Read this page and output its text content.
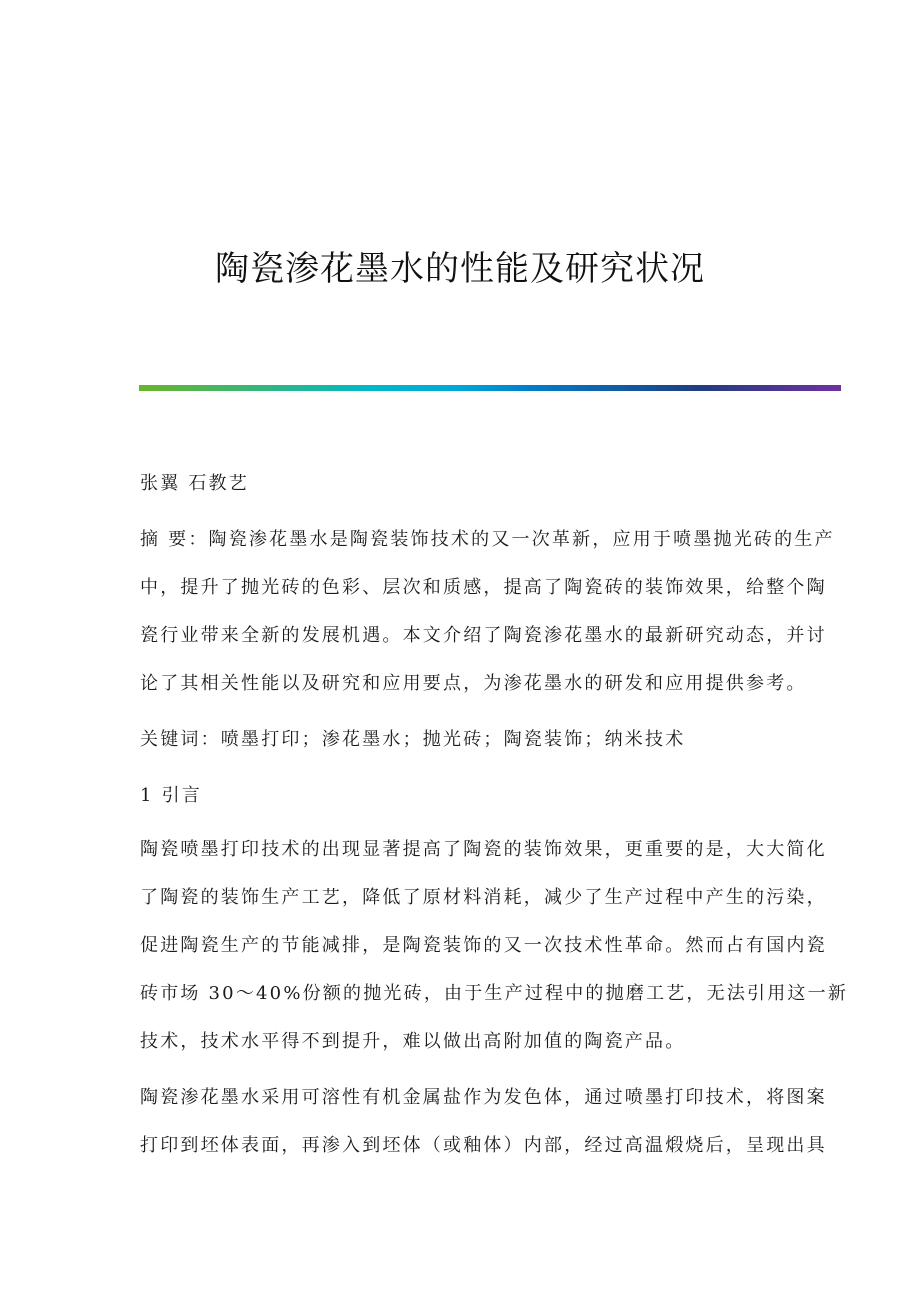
陶瓷渗花墨水的性能及研究状况
张翼 石教艺
摘 要：陶瓷渗花墨水是陶瓷装饰技术的又一次革新，应用于喷墨抛光砖的生产
中，提升了抛光砖的色彩、层次和质感，提高了陶瓷砖的装饰效果，给整个陶
瓷行业带来全新的发展机遇。本文介绍了陶瓷渗花墨水的最新研究动态，并讨
论了其相关性能以及研究和应用要点，为渗花墨水的研发和应用提供参考。
关键词：喷墨打印；渗花墨水；抛光砖；陶瓷装饰；纳米技术
1 引言
陶瓷喷墨打印技术的出现显著提高了陶瓷的装饰效果，更重要的是，大大简化
了陶瓷的装饰生产工艺，降低了原材料消耗，减少了生产过程中产生的污染，
促进陶瓷生产的节能减排，是陶瓷装饰的又一次技术性革命。然而占有国内瓷
砖市场 30～40%份额的抛光砖，由于生产过程中的抛磨工艺，无法引用这一新
技术，技术水平得不到提升，难以做出高附加值的陶瓷产品。
陶瓷渗花墨水采用可溶性有机金属盐作为发色体，通过喷墨打印技术，将图案
打印到坯体表面，再渗入到坯体（或釉体）内部，经过高温煅烧后，呈现出具
